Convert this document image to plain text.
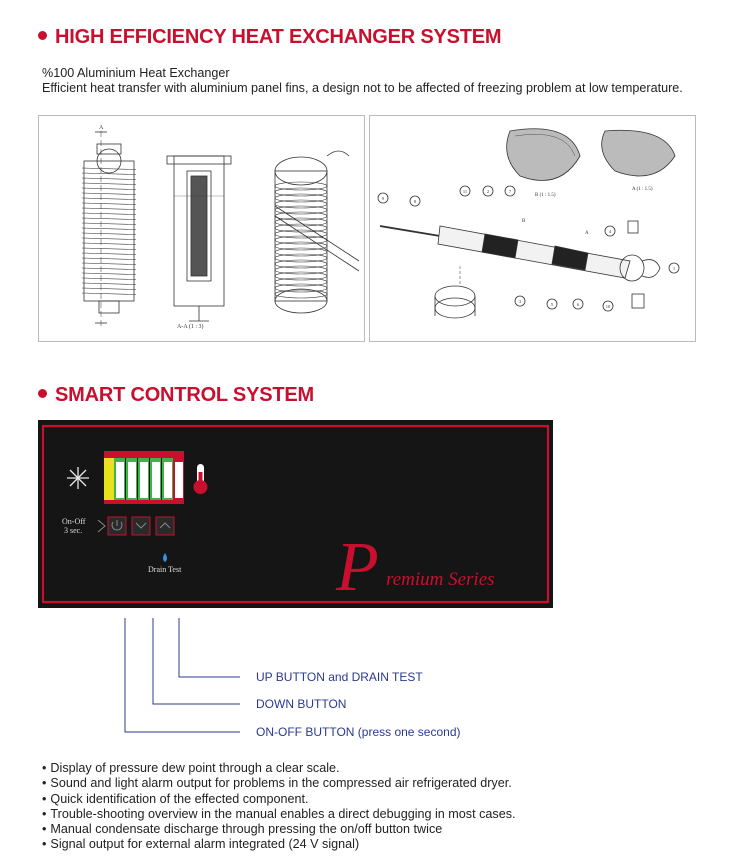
HIGH EFFICIENCY HEAT EXCHANGER SYSTEM

%100 Aluminium Heat Exchanger

Efficient heat transfer with aluminium panel fins, a design not to be affected of freezing problem at low temperature.

A
A-A (1 : 3)
B (1 : 1.5)
A (1 : 1.5)
B
A
1
2
3
4
5	6
7
8
9
10
11
SMART CONTROL SYSTEM
On-Off
3 sec.
Drain Test P remium Series
UP BUTTON and DRAIN TEST
DOWN BUTTON
ON-OFF BUTTON (press one second)
• Display of pressure dew point through a clear scale.
• Sound and light alarm output for problems in the compressed air refrigerated dryer.
• Quick identification of the effected component.
• Trouble-shooting overview in the manual enables a direct debugging in most cases.
• Manual condensate discharge through pressing the on/off button twice
• Signal output for external alarm integrated (24 V signal)
